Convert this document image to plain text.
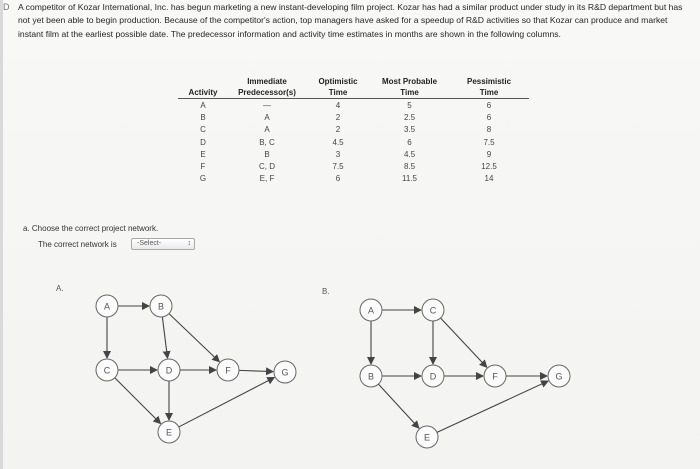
D A competitor of Kozar International, Inc. has begun marketing a new instant-developing film project. Kozar has had a similar product under study in its R&D department but has not yet been able to begin production. Because of the competitor's action, top managers have asked for a speedup of R&D activities so that Kozar can produce and market instant film at the earliest possible date. The predecessor information and activity time estimates in months are shown in the following columns.
	Immediate	Optimistic	Most Probable	Pessimistic
Activity	Predecessor(s)	Time	Time	Time
A	—	4	5	6
B	A	2	2.5	6
C	A	2	3.5	8
D	B, C	4.5	6	7.5
E	B	3	4.5	9
F	C, D	7.5	8.5	12.5
G	E, F	6	11.5	14
a. Choose the correct project network.
The correct network is	-Select-	↕
A.	B.
A	B
C	D
E
F	G
A	C
B	D
E
F	G
